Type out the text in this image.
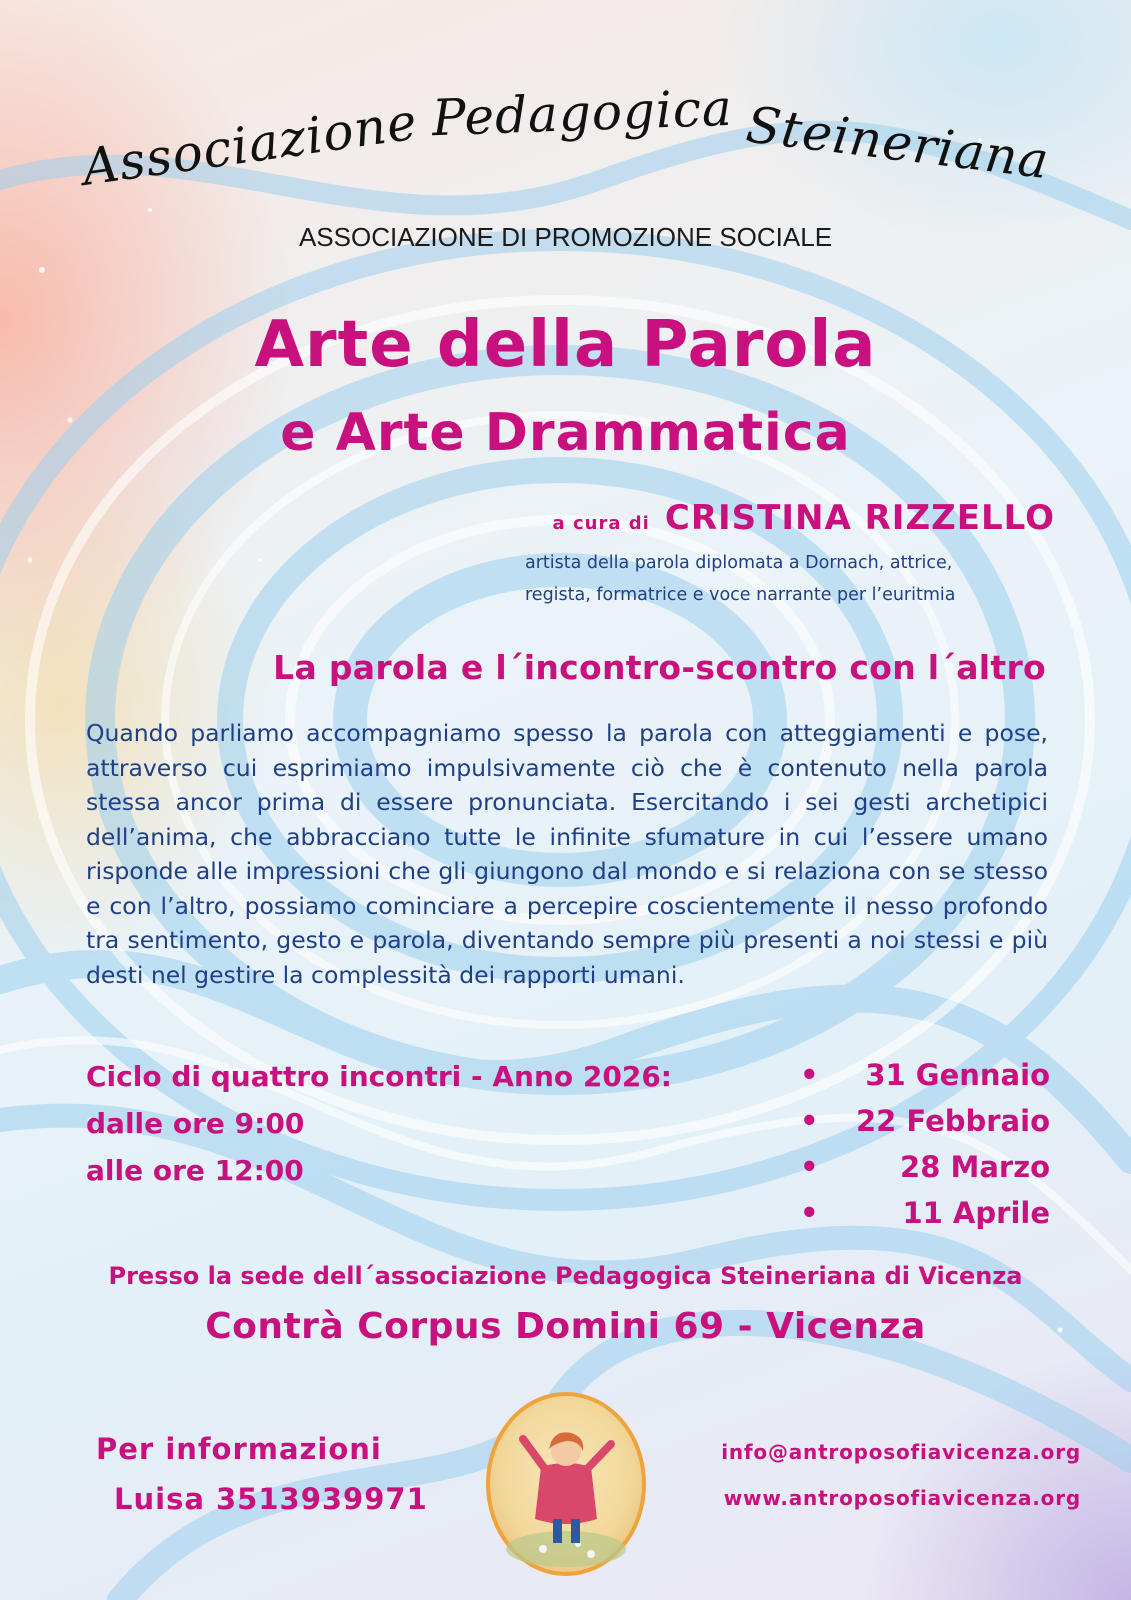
Associazione Pedagogica Steineriana
ASSOCIAZIONE DI PROMOZIONE SOCIALE
Arte della Parola
e Arte Drammatica
a cura di CRISTINA RIZZELLO
artista della parola diplomata a Dornach, attrice,
regista, formatrice e voce narrante per l’euritmia
La parola e l´incontro-scontro con l´altro
Quando parliamo accompagniamo spesso la parola con atteggiamenti e pose, attraverso cui esprimiamo impulsivamente ciò che è contenuto nella parola stessa ancor prima di essere pronunciata. Esercitando i sei gesti archetipici dell’anima, che abbracciano tutte le infinite sfumature in cui l’essere umano risponde alle impressioni che gli giungono dal mondo e si relaziona con se stesso e con l’altro, possiamo cominciare a percepire coscientemente il nesso profondo tra sentimento, gesto e parola, diventando sempre più presenti a noi stessi e più desti nel gestire la complessità dei rapporti umani.
Ciclo di quattro incontri - Anno 2026:
dalle ore 9:00
alle ore 12:00
• 31 Gennaio
• 22 Febbraio
•	28 Marzo
•	11 Aprile
Presso la sede dell´associazione Pedagogica Steineriana di Vicenza
Contrà Corpus Domini 69 - Vicenza
Per informazioni
Luisa 3513939971
info@antroposofiavicenza.org
www.antroposofiavicenza.org
